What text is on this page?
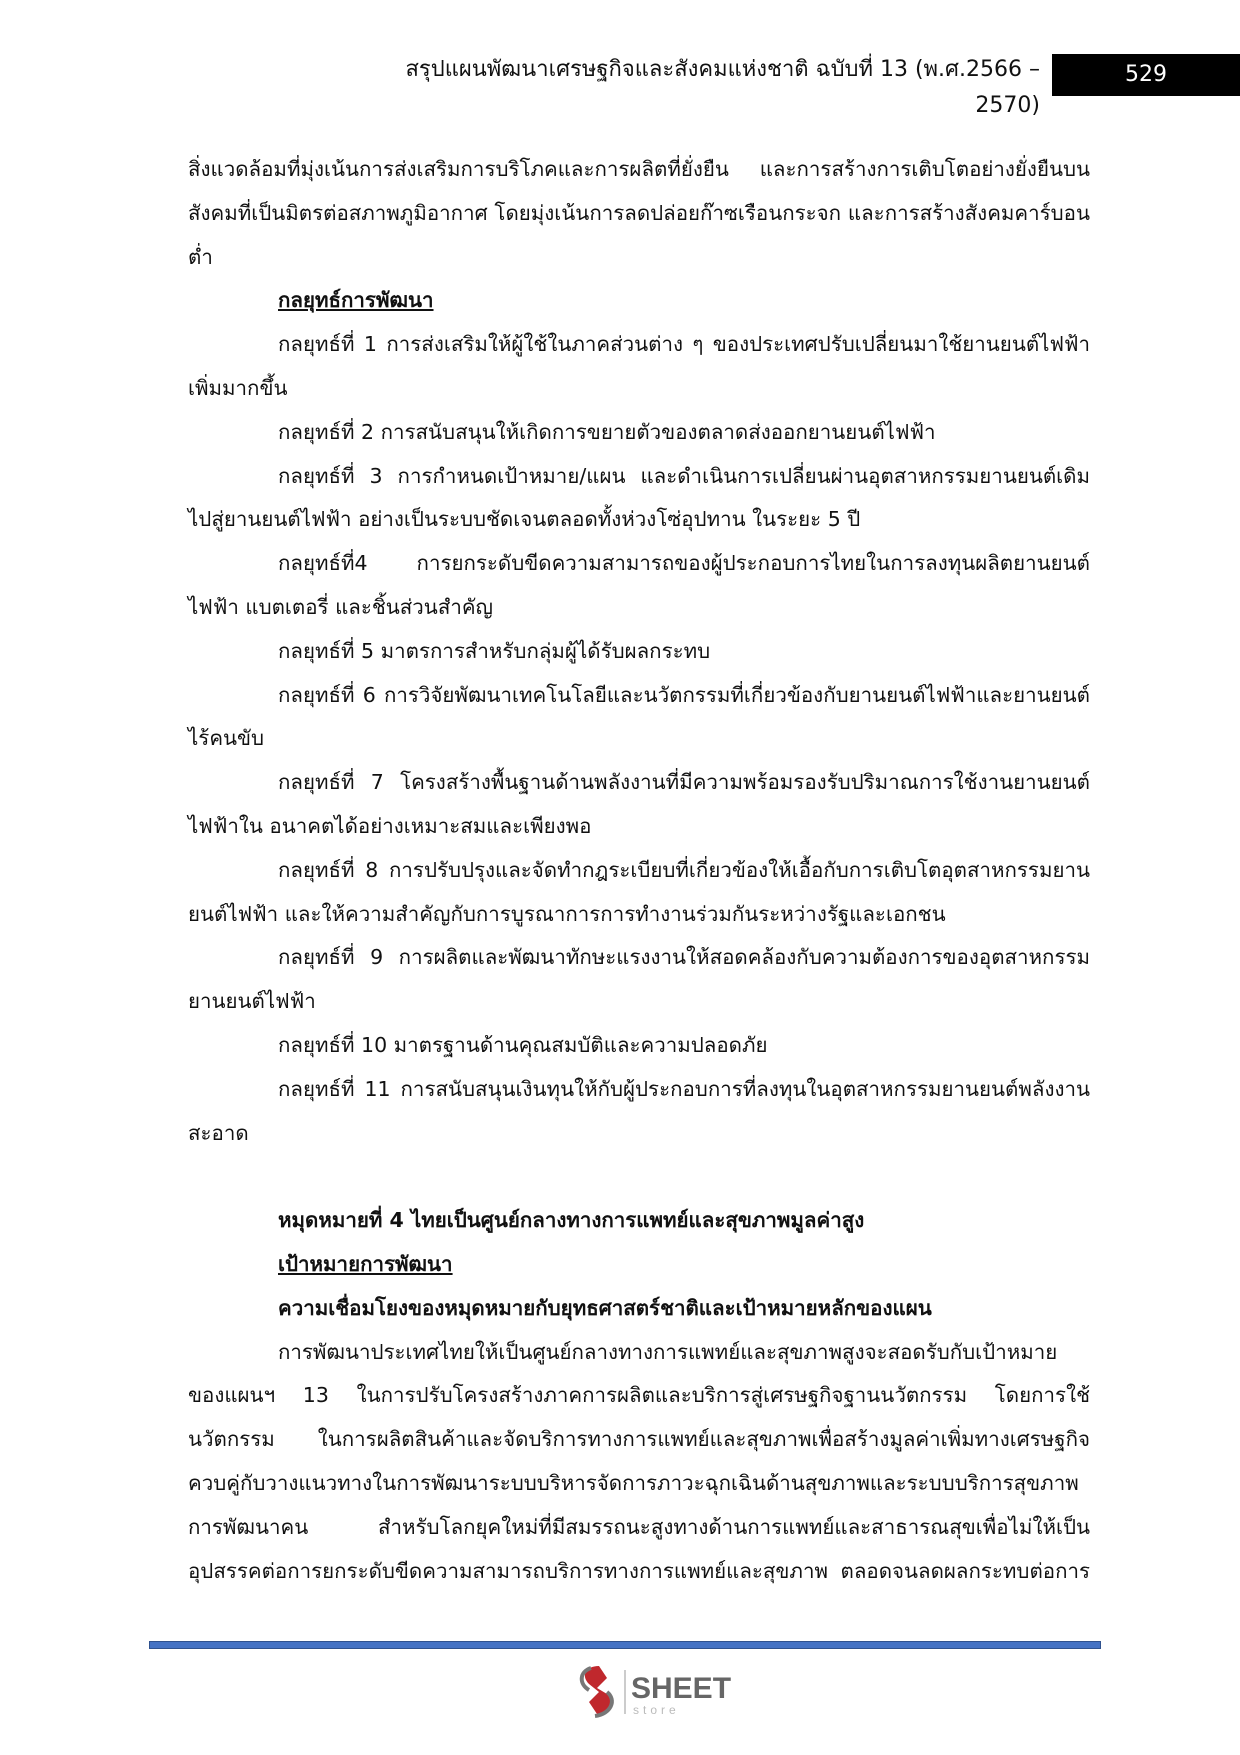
สรุปแผนพัฒนาเศรษฐกิจและสังคมแห่งชาติ ฉบับที่ 13 (พ.ศ.2566 – 2570)
529
สิ่งแวดล้อมที่มุ่งเน้นการส่งเสริมการบริโภคและการผลิตที่ยั่งยืน และการสร้างการเติบโตอย่างยั่งยืนบน
สังคมที่เป็นมิตรต่อสภาพภูมิอากาศ โดยมุ่งเน้นการลดปล่อยก๊าซเรือนกระจก และการสร้างสังคมคาร์บอน
ต่ำ
กลยุทธ์การพัฒนา
กลยุทธ์ที่ 1 การส่งเสริมให้ผู้ใช้ในภาคส่วนต่าง ๆ ของประเทศปรับเปลี่ยนมาใช้ยานยนต์ไฟฟ้า
เพิ่มมากขึ้น
กลยุทธ์ที่ 2 การสนับสนุนให้เกิดการขยายตัวของตลาดส่งออกยานยนต์ไฟฟ้า
กลยุทธ์ที่ 3 การกำหนดเป้าหมาย/แผน และดำเนินการเปลี่ยนผ่านอุตสาหกรรมยานยนต์เดิม
ไปสู่ยานยนต์ไฟฟ้า อย่างเป็นระบบชัดเจนตลอดทั้งห่วงโซ่อุปทาน ในระยะ 5 ปี
กลยุทธ์ที่4 การยกระดับขีดความสามารถของผู้ประกอบการไทยในการลงทุนผลิตยานยนต์
ไฟฟ้า แบตเตอรี่ และชิ้นส่วนสำคัญ
กลยุทธ์ที่ 5 มาตรการสำหรับกลุ่มผู้ได้รับผลกระทบ
กลยุทธ์ที่ 6 การวิจัยพัฒนาเทคโนโลยีและนวัตกรรมที่เกี่ยวข้องกับยานยนต์ไฟฟ้าและยานยนต์
ไร้คนขับ
กลยุทธ์ที่ 7 โครงสร้างพื้นฐานด้านพลังงานที่มีความพร้อมรองรับปริมาณการใช้งานยานยนต์
ไฟฟ้าใน อนาคตได้อย่างเหมาะสมและเพียงพอ
กลยุทธ์ที่ 8 การปรับปรุงและจัดทำกฎระเบียบที่เกี่ยวข้องให้เอื้อกับการเติบโตอุตสาหกรรมยาน
ยนต์ไฟฟ้า และให้ความสำคัญกับการบูรณาการการทำงานร่วมกันระหว่างรัฐและเอกชน
กลยุทธ์ที่ 9 การผลิตและพัฒนาทักษะแรงงานให้สอดคล้องกับความต้องการของอุตสาหกรรม
ยานยนต์ไฟฟ้า
กลยุทธ์ที่ 10 มาตรฐานด้านคุณสมบัติและความปลอดภัย
กลยุทธ์ที่ 11 การสนับสนุนเงินทุนให้กับผู้ประกอบการที่ลงทุนในอุตสาหกรรมยานยนต์พลังงาน
สะอาด
หมุดหมายที่ 4 ไทยเป็นศูนย์กลางทางการแพทย์และสุขภาพมูลค่าสูง
เป้าหมายการพัฒนา
ความเชื่อมโยงของหมุดหมายกับยุทธศาสตร์ชาติและเป้าหมายหลักของแผน
การพัฒนาประเทศไทยให้เป็นศูนย์กลางทางการแพทย์และสุขภาพสูงจะสอดรับกับเป้าหมาย
ของแผนฯ 13 ในการปรับโครงสร้างภาคการผลิตและบริการสู่เศรษฐกิจฐานนวัตกรรม โดยการใช้
นวัตกรรม ในการผลิตสินค้าและจัดบริการทางการแพทย์และสุขภาพเพื่อสร้างมูลค่าเพิ่มทางเศรษฐกิจ
ควบคู่กับวางแนวทางในการพัฒนาระบบบริหารจัดการภาวะฉุกเฉินด้านสุขภาพและระบบบริการสุขภาพ
การพัฒนาคน สำหรับโลกยุคใหม่ที่มีสมรรถนะสูงทางด้านการแพทย์และสาธารณสุขเพื่อไม่ให้เป็น
อุปสรรคต่อการยกระดับขีดความสามารถบริการทางการแพทย์และสุขภาพ ตลอดจนลดผลกระทบต่อการ
SHEET
store
